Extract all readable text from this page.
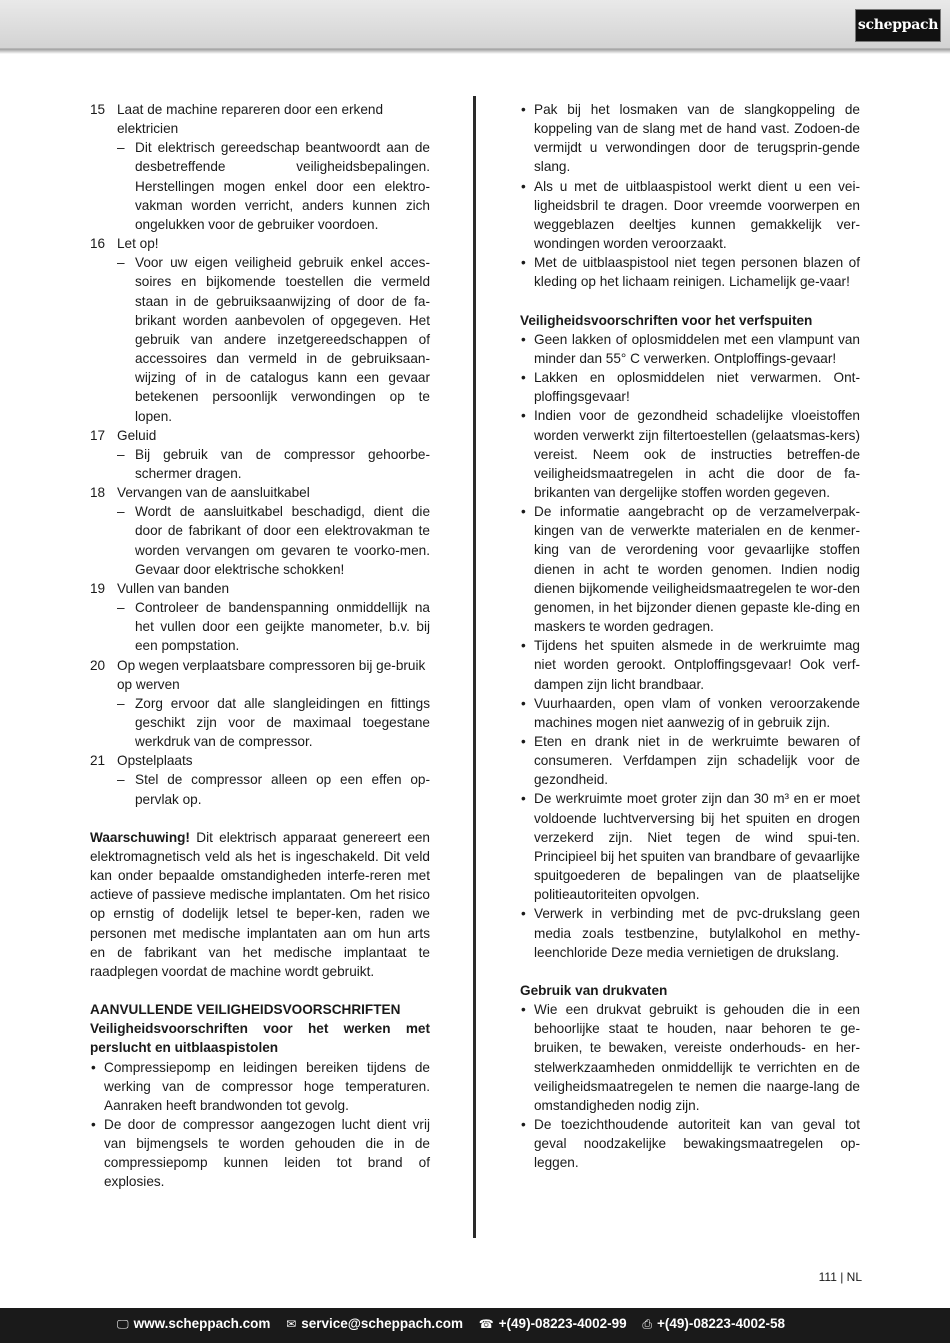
scheppach
15 Laat de machine repareren door een erkend elektricien
– Dit elektrisch gereedschap beantwoordt aan de desbetreffende veiligheidsbepalingen. Herstellingen mogen enkel door een elektro-vakman worden verricht, anders kunnen zich ongelukken voor de gebruiker voordoen.
16 Let op!
– Voor uw eigen veiligheid gebruik enkel acces-soires en bijkomende toestellen die vermeld staan in de gebruiksaanwijzing of door de fa-brikant worden aanbevolen of opgegeven. Het gebruik van andere inzetgereedschappen of accessoires dan vermeld in de gebruiksaan-wijzing of in de catalogus kann een gevaar betekenen persoonlijk verwondingen op te lopen.
17 Geluid
– Bij gebruik van de compressor gehoorbe-schermer dragen.
18 Vervangen van de aansluitkabel
– Wordt de aansluitkabel beschadigd, dient die door de fabrikant of door een elektrovakman te worden vervangen om gevaren te voorko-men. Gevaar door elektrische schokken!
19 Vullen van banden
– Controleer de bandenspanning onmiddellijk na het vullen door een geijkte manometer, b.v. bij een pompstation.
20 Op wegen verplaatsbare compressoren bij ge-bruik op werven
– Zorg ervoor dat alle slangleidingen en fittings geschikt zijn voor de maximaal toegestane werkdruk van de compressor.
21 Opstelplaats
– Stel de compressor alleen op een effen op-pervlak op.
Waarschuwing! Dit elektrisch apparaat genereert een elektromagnetisch veld als het is ingeschakeld. Dit veld kan onder bepaalde omstandigheden interfe-reren met actieve of passieve medische implantaten. Om het risico op ernstig of dodelijk letsel te beper-ken, raden we personen met medische implantaten aan om hun arts en de fabrikant van het medische implantaat te raadplegen voordat de machine wordt gebruikt.
AANVULLENDE VEILIGHEIDSVOORSCHRIFTEN
Veiligheidsvoorschriften voor het werken met perslucht en uitblaaspistolen
• Compressiepomp en leidingen bereiken tijdens de werking van de compressor hoge temperaturen. Aanraken heeft brandwonden tot gevolg.
• De door de compressor aangezogen lucht dient vrij van bijmengsels te worden gehouden die in de compressiepomp kunnen leiden tot brand of explosies.
• Pak bij het losmaken van de slangkoppeling de koppeling van de slang met de hand vast. Zodoen-de vermijdt u verwondingen door de terugsprin-gende slang.
• Als u met de uitblaaspistool werkt dient u een vei-ligheidsbril te dragen. Door vreemde voorwerpen en weggeblazen deeltjes kunnen gemakkelijk ver-wondingen worden veroorzaakt.
• Met de uitblaaspistool niet tegen personen blazen of kleding op het lichaam reinigen. Lichamelijk ge-vaar!
Veiligheidsvoorschriften voor het verfspuiten
• Geen lakken of oplosmiddelen met een vlampunt van minder dan 55° C verwerken. Ontploffings-gevaar!
• Lakken en oplosmiddelen niet verwarmen. Ont-ploffingsgevaar!
• Indien voor de gezondheid schadelijke vloeistoffen worden verwerkt zijn filtertoestellen (gelaatsmas-kers) vereist. Neem ook de instructies betreffen-de veiligheidsmaatregelen in acht die door de fa-brikanten van dergelijke stoffen worden gegeven.
• De informatie aangebracht op de verzamelverpak-kingen van de verwerkte materialen en de kenmer-king van de verordening voor gevaarlijke stoffen dienen in acht te worden genomen. Indien nodig dienen bijkomende veiligheidsmaatregelen te wor-den genomen, in het bijzonder dienen gepaste kle-ding en maskers te worden gedragen.
• Tijdens het spuiten alsmede in de werkruimte mag niet worden gerookt. Ontploffingsgevaar! Ook verf-dampen zijn licht brandbaar.
• Vuurhaarden, open vlam of vonken veroorzakende machines mogen niet aanwezig of in gebruik zijn.
• Eten en drank niet in de werkruimte bewaren of consumeren. Verfdampen zijn schadelijk voor de gezondheid.
• De werkruimte moet groter zijn dan 30 m³ en er moet voldoende luchtverversing bij het spuiten en drogen verzekerd zijn. Niet tegen de wind spui-ten. Principieel bij het spuiten van brandbare of gevaarlijke spuitgoederen de bepalingen van de plaatselijke politieautoriteiten opvolgen.
• Verwerk in verbinding met de pvc-drukslang geen media zoals testbenzine, butylalkohol en methy-leenchloride Deze media vernietigen de drukslang.
Gebruik van drukvaten
• Wie een drukvat gebruikt is gehouden die in een behoorlijke staat te houden, naar behoren te ge-bruiken, te bewaken, vereiste onderhouds- en her-stelwerkzaamheden onmiddellijk te verrichten en de veiligheidsmaatregelen te nemen die naarge-lang de omstandigheden nodig zijn.
• De toezichthoudende autoriteit kan van geval tot geval noodzakelijke bewakingsmaatregelen op-leggen.
111 | NL
🖵 www.scheppach.com ✉ service@scheppach.com ☎ +(49)-08223-4002-99 ⎙ +(49)-08223-4002-58
